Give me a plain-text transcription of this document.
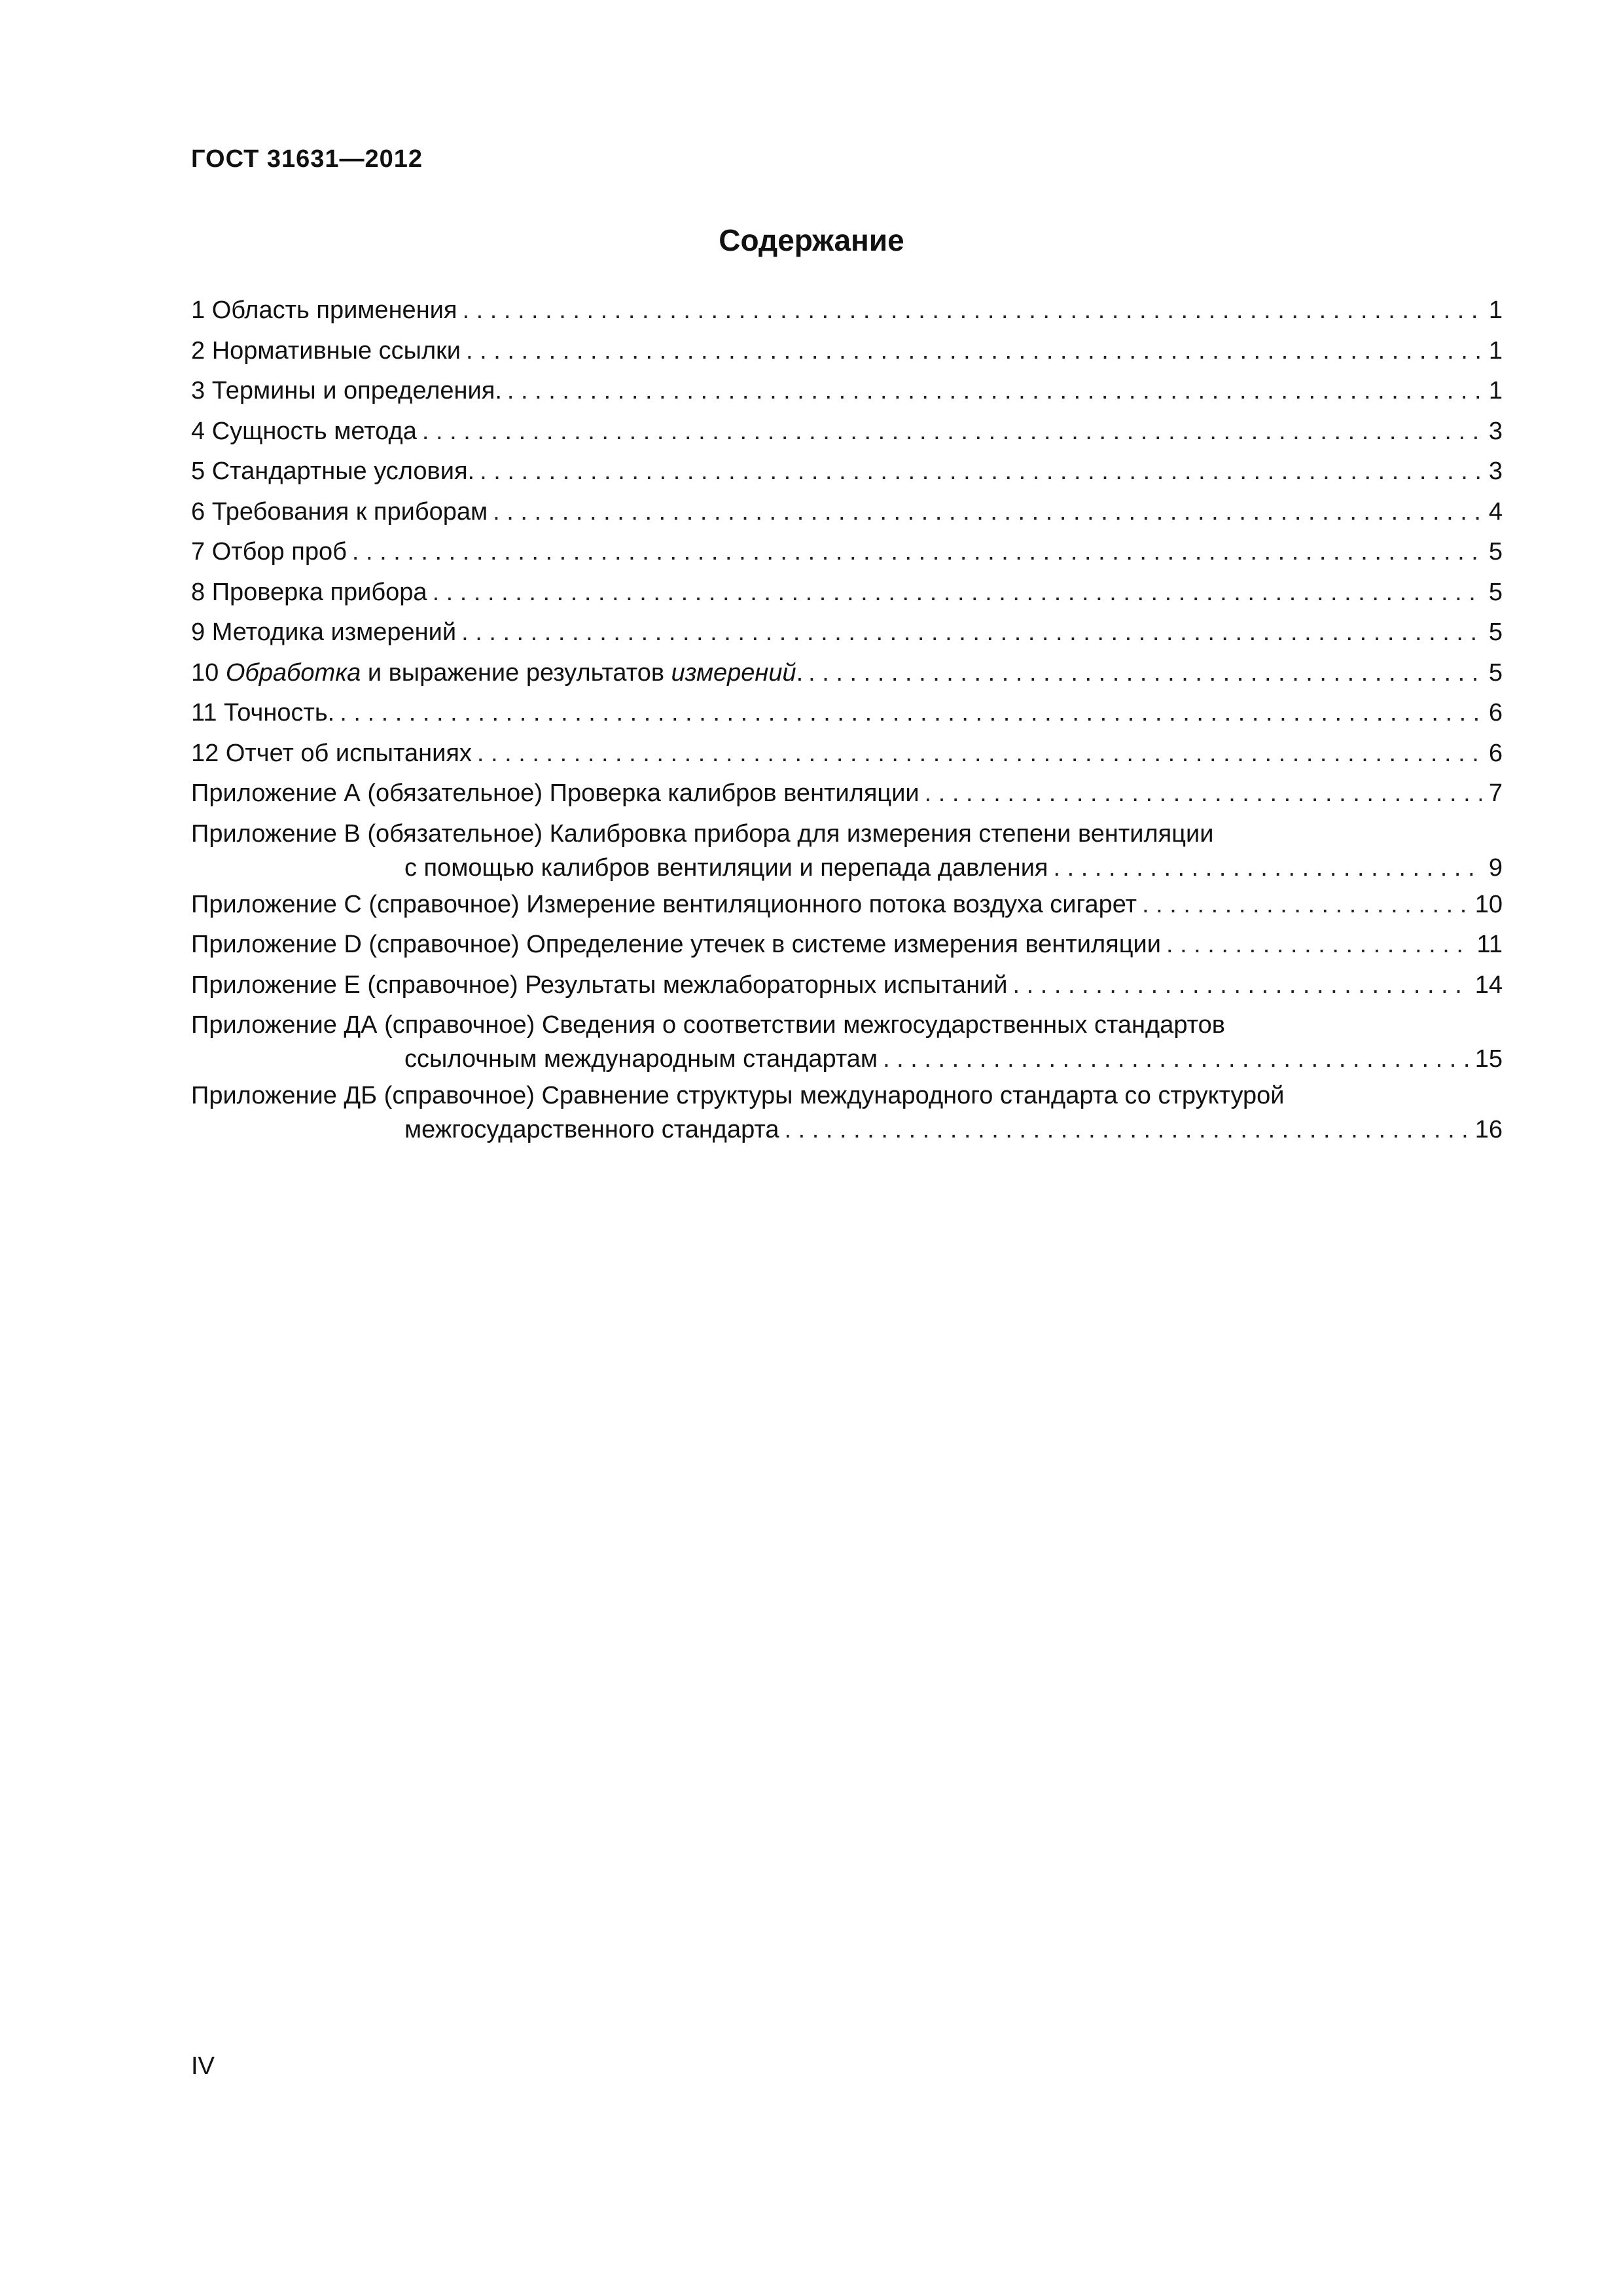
ГОСТ 31631—2012
Содержание
1 Область применения . . .	1
2 Нормативные ссылки . . .	1
3 Термины и определения. . . .	1
4 Сущность метода . . .	3
5 Стандартные условия. . . .	3
6 Требования к приборам . . .	4
7 Отбор проб . . .	5
8 Проверка прибора . . .	5
9 Методика измерений . . .	5
10 Обработка и выражение результатов измерений. . . .	5
11 Точность. . . .	6
12 Отчет об испытаниях . . .	6
Приложение А (обязательное) Проверка калибров вентиляции . . .	7
Приложение В (обязательное) Калибровка прибора для измерения степени вентиляции
с помощью калибров вентиляции и перепада давления . . .	9
Приложение С (справочное) Измерение вентиляционного потока воздуха сигарет . . .	10
Приложение D (справочное) Определение утечек в системе измерения вентиляции . . .	11
Приложение Е (справочное) Результаты межлабораторных испытаний . . .	14
Приложение ДА (справочное) Сведения о соответствии межгосударственных стандартов
ссылочным международным стандартам . . .	15
Приложение ДБ (справочное) Сравнение структуры международного стандарта со структурой
межгосударственного стандарта . . .	16
IV
